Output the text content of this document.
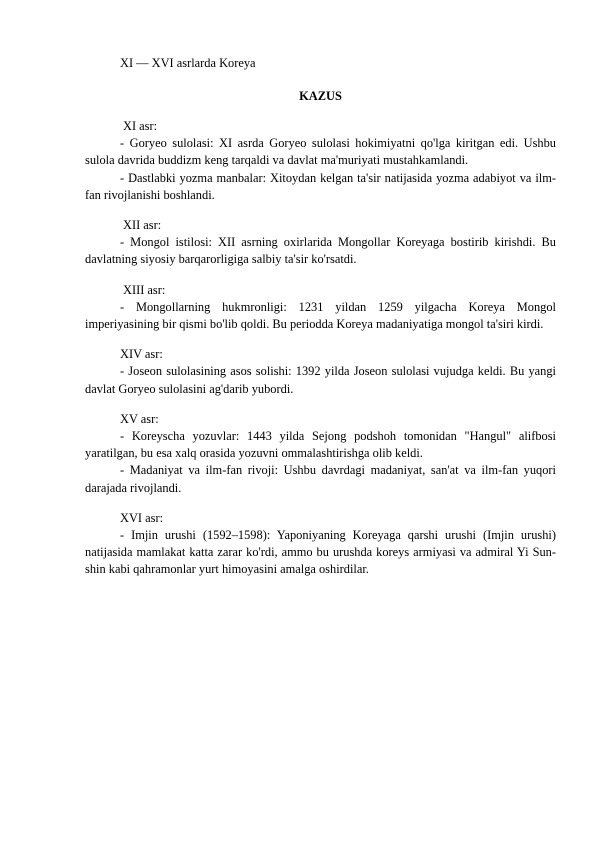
XI — XVI asrlarda Koreya

KAZUS

XI asr:

- Goryeo sulolasi: XI asrda Goryeo sulolasi hokimiyatni qo'lga kiritgan edi. Ushbu sulola davrida buddizm keng tarqaldi va davlat ma'muriyati mustahkamlandi.

- Dastlabki yozma manbalar: Xitoydan kelgan ta'sir natijasida yozma adabiyot va ilm-fan rivojlanishi boshlandi.

XII asr:

- Mongol istilosi: XII asrning oxirlarida Mongollar Koreyaga bostirib kirishdi. Bu davlatning siyosiy barqarorligiga salbiy ta'sir ko'rsatdi.

XIII asr:

- Mongollarning hukmronligi: 1231 yildan 1259 yilgacha Koreya Mongol imperiyasining bir qismi bo'lib qoldi. Bu periodda Koreya madaniyatiga mongol ta'siri kirdi.

XIV asr:

- Joseon sulolasining asos solishi: 1392 yilda Joseon sulolasi vujudga keldi. Bu yangi davlat Goryeo sulolasini ag'darib yubordi.

XV asr:

- Koreyscha yozuvlar: 1443 yilda Sejong podshoh tomonidan "Hangul" alifbosi yaratilgan, bu esa xalq orasida yozuvni ommalashtirishga olib keldi.

- Madaniyat va ilm-fan rivoji: Ushbu davrdagi madaniyat, san'at va ilm-fan yuqori darajada rivojlandi.

XVI asr:

- Imjin urushi (1592–1598): Yaponiyaning Koreyaga qarshi urushi (Imjin urushi) natijasida mamlakat katta zarar ko'rdi, ammo bu urushda koreys armiyasi va admiral Yi Sun-shin kabi qahramonlar yurt himoyasini amalga oshirdilar.
